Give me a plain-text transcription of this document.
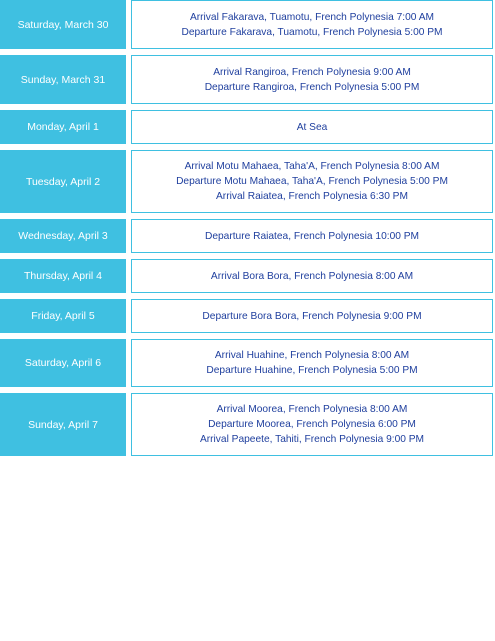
Saturday, March 30
Arrival Fakarava, Tuamotu, French Polynesia 7:00 AM
Departure Fakarava, Tuamotu, French Polynesia 5:00 PM
Sunday, March 31
Arrival Rangiroa, French Polynesia 9:00 AM
Departure Rangiroa, French Polynesia 5:00 PM
Monday, April 1	At Sea
Tuesday, April 2
Arrival Motu Mahaea, Taha'A, French Polynesia 8:00 AM
Departure Motu Mahaea, Taha'A, French Polynesia 5:00 PM
Arrival Raiatea, French Polynesia 6:30 PM
Wednesday, April 3	Departure Raiatea, French Polynesia 10:00 PM
Thursday, April 4	Arrival Bora Bora, French Polynesia 8:00 AM
Friday, April 5	Departure Bora Bora, French Polynesia 9:00 PM
Saturday, April 6
Arrival Huahine, French Polynesia 8:00 AM
Departure Huahine, French Polynesia 5:00 PM
Sunday, April 7
Arrival Moorea, French Polynesia 8:00 AM
Departure Moorea, French Polynesia 6:00 PM
Arrival Papeete, Tahiti, French Polynesia 9:00 PM
